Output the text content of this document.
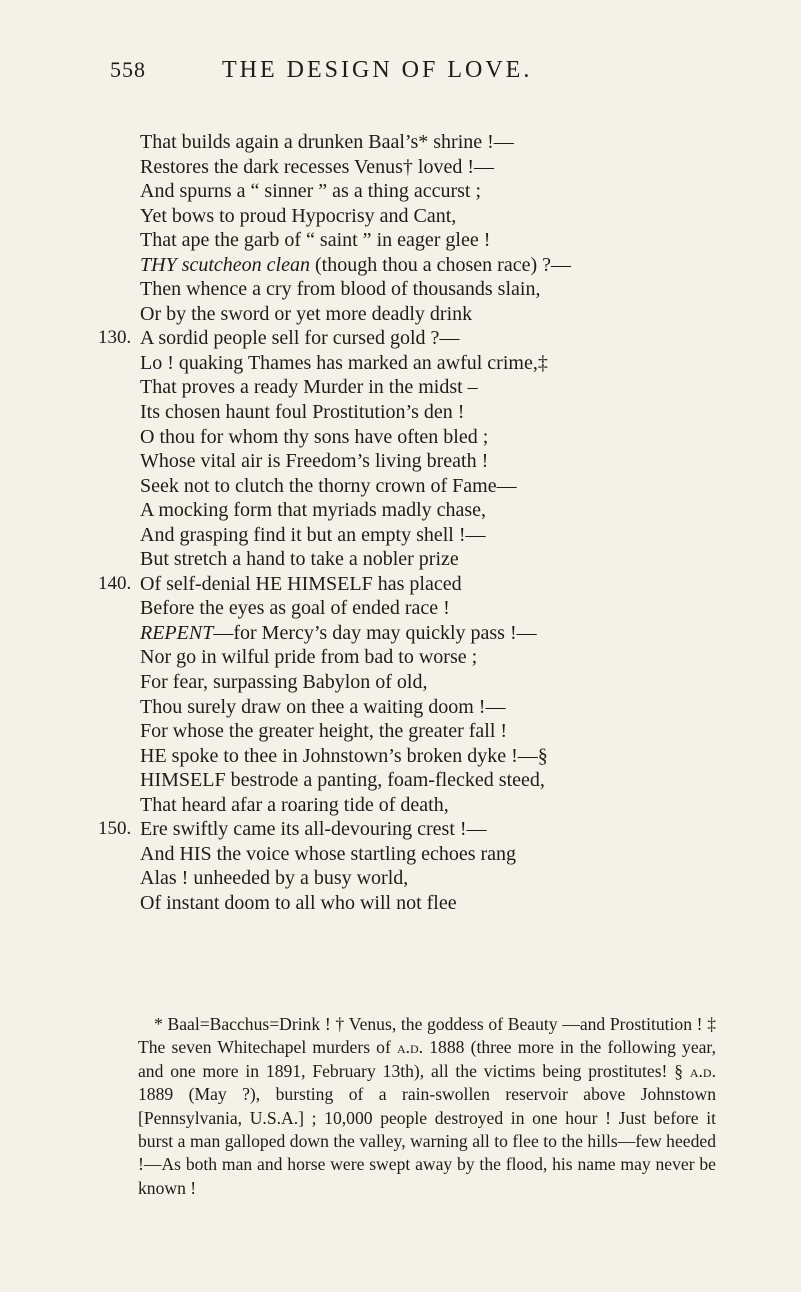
558	THE DESIGN OF LOVE.
That builds again a drunken Baal’s* shrine !—
Restores the dark recesses Venus† loved !—
And spurns a “ sinner ” as a thing accurst ;
Yet bows to proud Hypocrisy and Cant,
That ape the garb of “ saint ” in eager glee !
THY scutcheon clean (though thou a chosen race) ?—
Then whence a cry from blood of thousands slain,
Or by the sword or yet more deadly drink
130. A sordid people sell for cursed gold ?—
Lo ! quaking Thames has marked an awful crime,‡
That proves a ready Murder in the midst –
Its chosen haunt foul Prostitution’s den !
O thou for whom thy sons have often bled ;
Whose vital air is Freedom’s living breath !
Seek not to clutch the thorny crown of Fame—
A mocking form that myriads madly chase,
And grasping find it but an empty shell !—
But stretch a hand to take a nobler prize
140. Of self-denial HE HIMSELF has placed
Before the eyes as goal of ended race !
REPENT—for Mercy’s day may quickly pass !—
Nor go in wilful pride from bad to worse ;
For fear, surpassing Babylon of old,
Thou surely draw on thee a waiting doom !—
For whose the greater height, the greater fall !
HE spoke to thee in Johnstown’s broken dyke !—§
HIMSELF bestrode a panting, foam-flecked steed,
That heard afar a roaring tide of death,
150. Ere swiftly came its all-devouring crest !—
And HIS the voice whose startling echoes rang
Alas ! unheeded by a busy world,
Of instant doom to all who will not flee

* Baal=Bacchus=Drink ! † Venus, the goddess of Beauty —and Prostitution ! ‡ The seven Whitechapel murders of a.d. 1888 (three more in the following year, and one more in 1891, February 13th), all the victims being prostitutes! § a.d. 1889 (May ?), bursting of a rain-swollen reservoir above Johnstown [Pennsylvania, U.S.A.] ; 10,000 people destroyed in one hour ! Just before it burst a man galloped down the valley, warning all to flee to the hills—few heeded !—As both man and horse were swept away by the flood, his name may never be known !
